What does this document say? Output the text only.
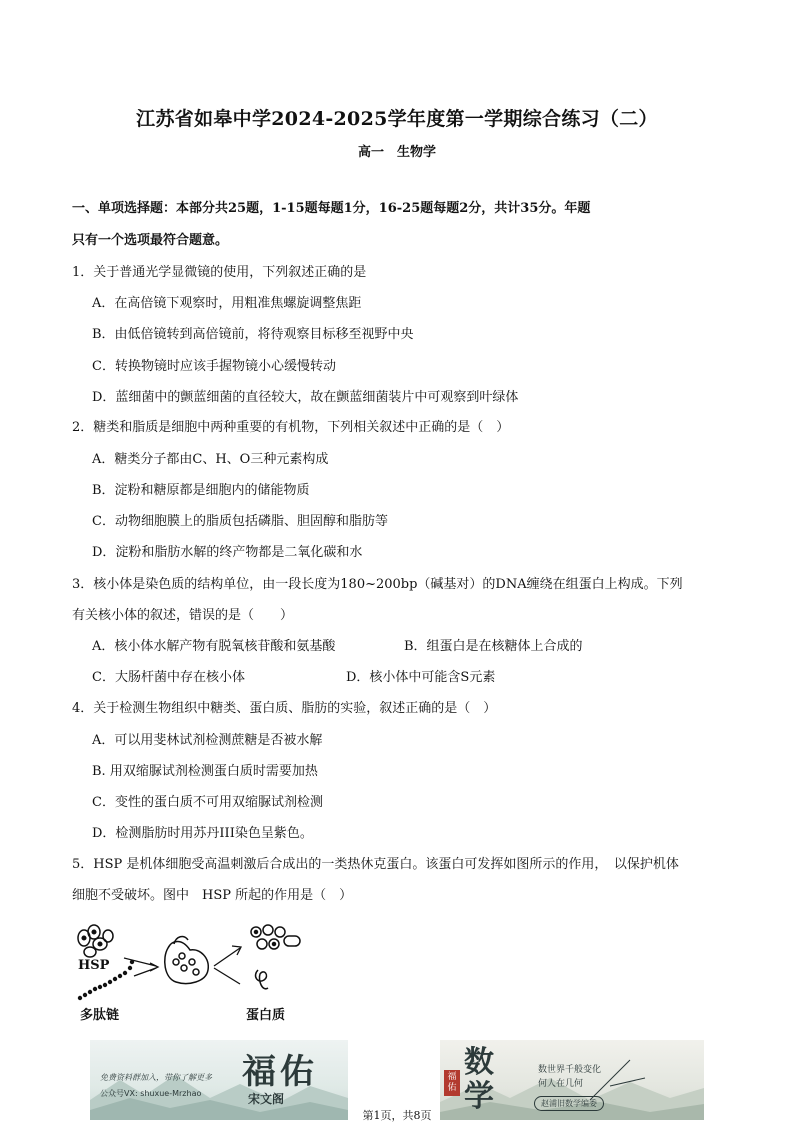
江苏省如皋中学2024-2025学年度第一学期综合练习（二）
高一　生物学
一、单项选择题：本部分共25题，1-15题每题1分，16-25题每题2分，共计35分。年题
只有一个选项最符合题意。
1．关于普通光学显微镜的使用，下列叙述正确的是
A．在高倍镜下观察时，用粗准焦螺旋调整焦距
B．由低倍镜转到高倍镜前，将待观察目标移至视野中央
C．转换物镜时应该手握物镜小心缓慢转动
D．蓝细菌中的颤蓝细菌的直径较大，故在颤蓝细菌装片中可观察到叶绿体
2．糖类和脂质是细胞中两种重要的有机物，下列相关叙述中正确的是（　）
A．糖类分子都由C、H、O三种元素构成
B．淀粉和糖原都是细胞内的储能物质
C．动物细胞膜上的脂质包括磷脂、胆固醇和脂肪等
D．淀粉和脂肪水解的终产物都是二氧化碳和水
3．核小体是染色质的结构单位，由一段长度为180~200bp（碱基对）的DNA缠绕在组蛋白上构成。下列
有关核小体的叙述，错误的是（　　）
A．核小体水解产物有脱氧核苷酸和氨基酸	B．组蛋白是在核糖体上合成的
C．大肠杆菌中存在核小体	D．核小体中可能含S元素
4．关于检测生物组织中糖类、蛋白质、脂肪的实验，叙述正确的是（　）
A．可以用斐林试剂检测蔗糖是否被水解
B. 用双缩脲试剂检测蛋白质时需要加热
C．变性的蛋白质不可用双缩脲试剂检测
D．检测脂肪时用苏丹III染色呈紫色。
5．HSP 是机体细胞受高温刺激后合成出的一类热休克蛋白。该蛋白可发挥如图所示的作用，　以保护机体
细胞不受破坏。图中　HSP 所起的作用是（　）
HSP
多肽链	蛋白质
免费资料群加入，带你了解更多
公众号VX: shuxue-Mrzhao
福佑
宋文阁
福佑
数学
数世界千般变化
何人在几何
赵浦旧数学编委
第1页，共8页
